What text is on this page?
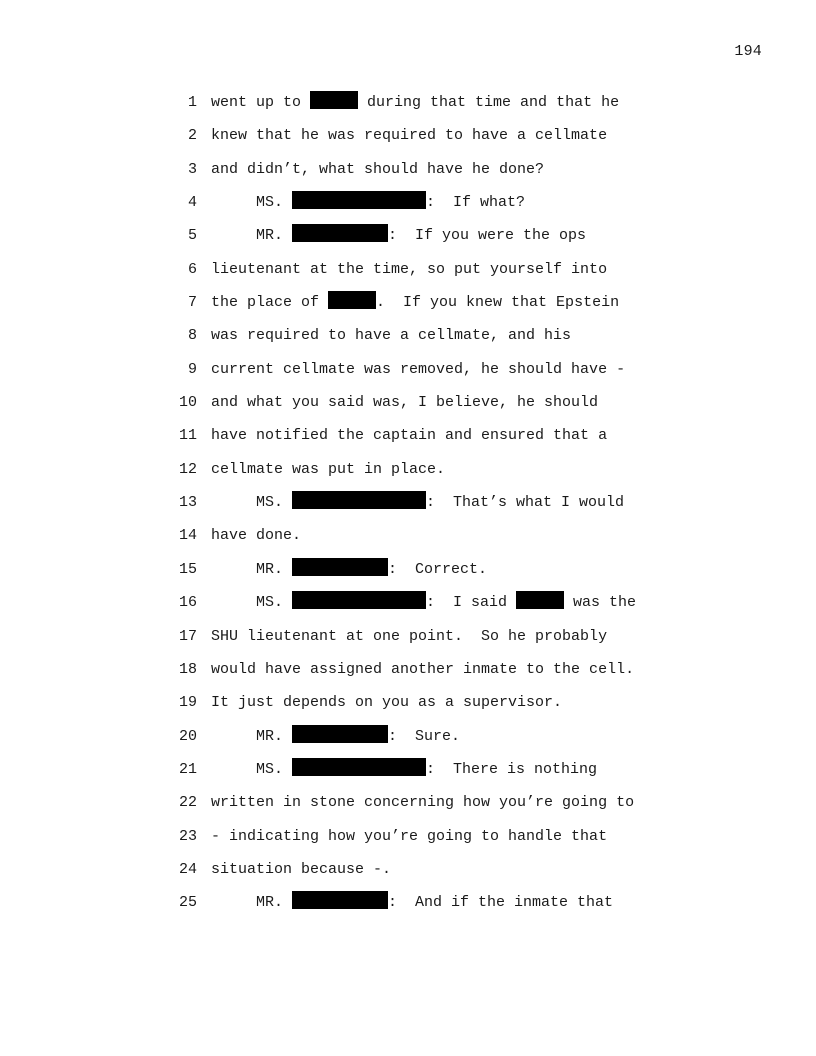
194
1 went up to	during that time and that he
2 knew that he was required to have a cellmate
3 and didn’t, what should have he done?
4 MS.	:  If what?
5 MR.	:  If you were the ops
6 lieutenant at the time, so put yourself into
7 the place of	.  If you knew that Epstein
8 was required to have a cellmate, and his
9 current cellmate was removed, he should have -
10 and what you said was, I believe, he should
11 have notified the captain and ensured that a
12 cellmate was put in place.
13 MS.	:  That’s what I would
14 have done.
15 MR.	:  Correct.
16 MS.	:  I said	was the
17 SHU lieutenant at one point.  So he probably
18 would have assigned another inmate to the cell.
19 It just depends on you as a supervisor.
20 MR.	:  Sure.
21 MS.	:  There is nothing
22 written in stone concerning how you’re going to
23 - indicating how you’re going to handle that
24 situation because -.
25 MR.	:  And if the inmate that
